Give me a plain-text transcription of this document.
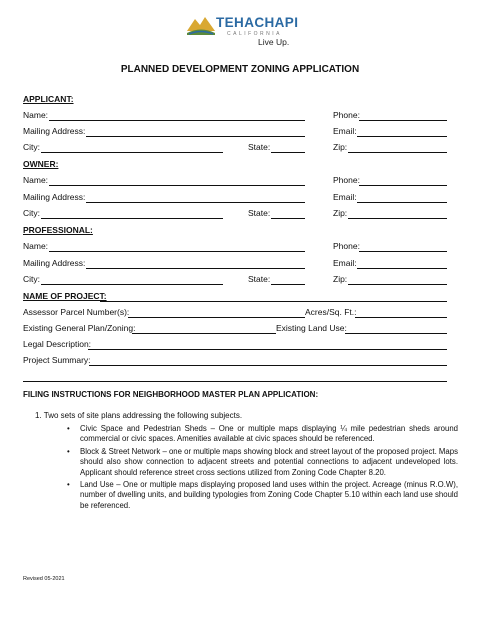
TEHACHAPI
CALIFORNIA
Live Up.
PLANNED DEVELOPMENT ZONING APPLICATION
APPLICANT:
Name:	Phone:
Mailing Address:	Email:
City:	State:	Zip:
OWNER:
Name:	Phone:
Mailing Address:	Email:
City:	State:	Zip:
PROFESSIONAL:
Name:	Phone:
Mailing Address:	Email:
City:	State:	Zip:
NAME OF PROJECT:
Assessor Parcel Number(s):	Acres/Sq. Ft.:
Existing General Plan/Zoning:	Existing Land Use:
Legal Description:
Project Summary:
FILING INSTRUCTIONS FOR NEIGHBORHOOD MASTER PLAN APPLICATION:
1. Two sets of site plans addressing the following subjects.
• Civic Space and Pedestrian Sheds – One or multiple maps displaying ¼ mile pedestrian sheds around commercial or civic spaces. Amenities available at civic spaces should be referenced.
• Block & Street Network – one or multiple maps showing block and street layout of the proposed project. Maps should also show connection to adjacent streets and potential connections to adjacent undeveloped lots. Applicant should reference street cross sections utilized from Zoning Code Chapter 8.20.
• Land Use – One or multiple maps displaying proposed land uses within the project. Acreage (minus R.O.W), number of dwelling units, and building typologies from Zoning Code Chapter 5.10 within each land use should be referenced.
Revised 05-2021
